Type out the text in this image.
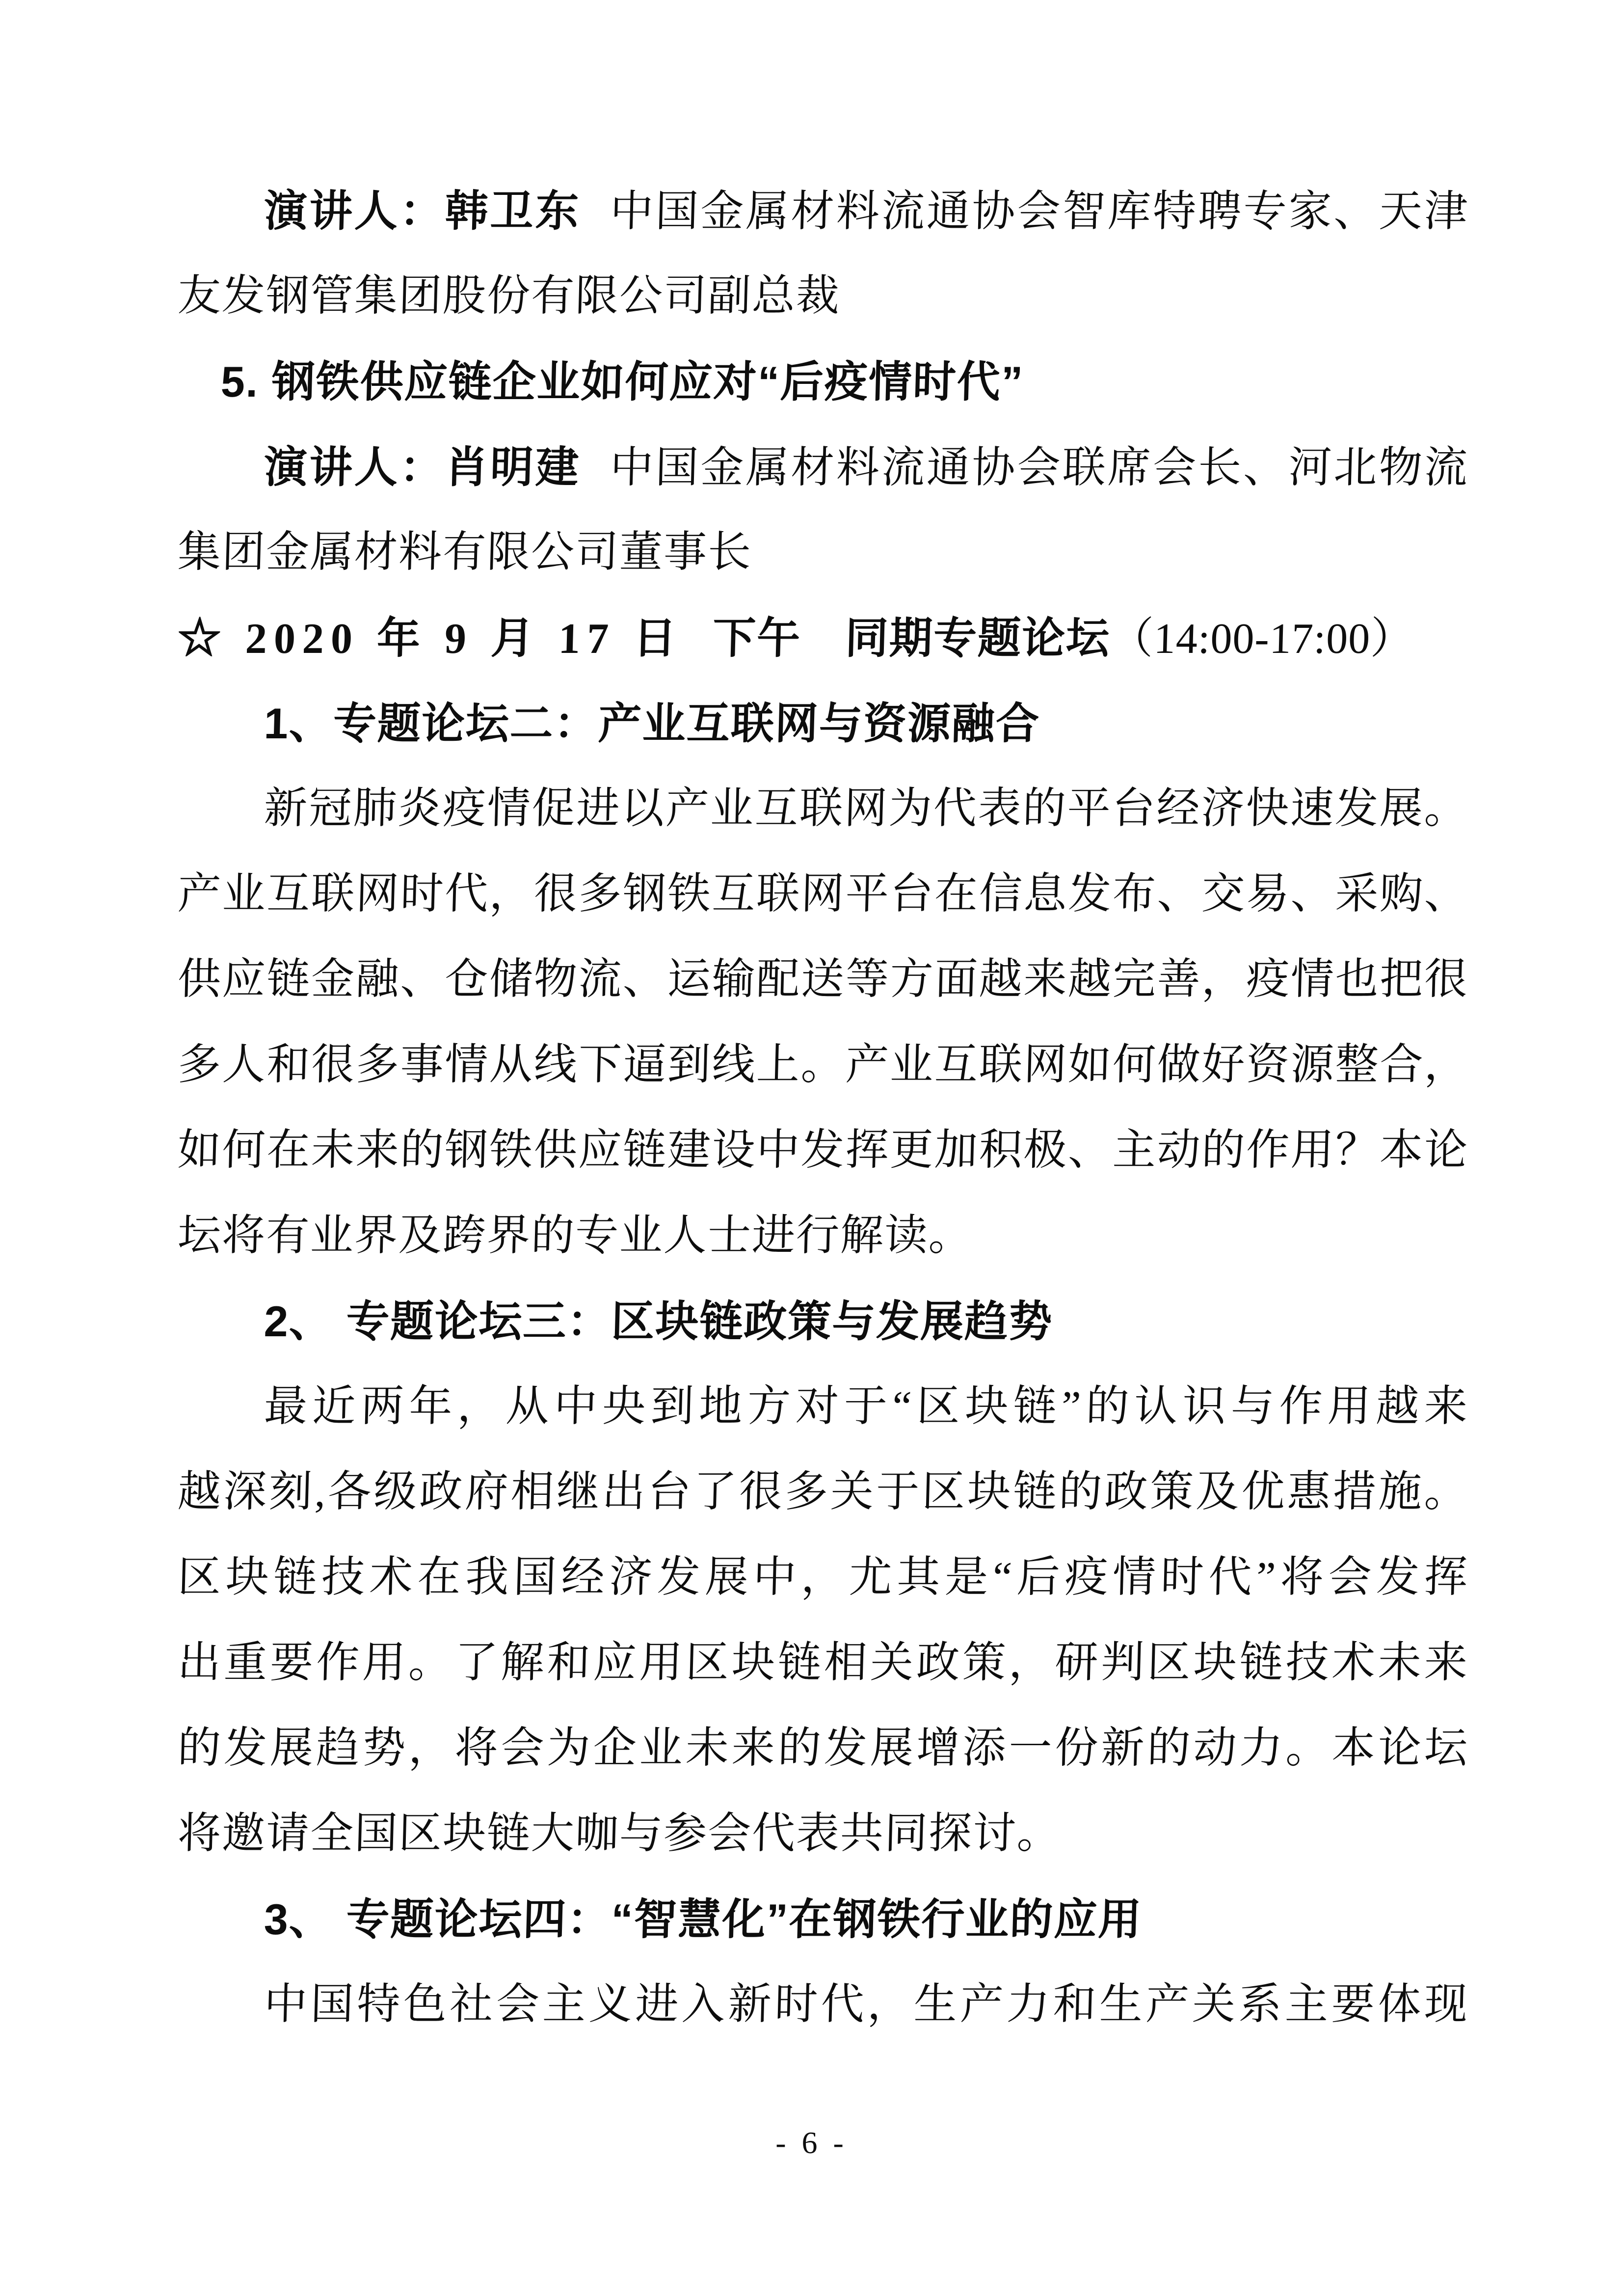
演讲人：韩卫东 中国金属材料流通协会智库特聘专家、天津
友发钢管集团股份有限公司副总裁
5. 钢铁供应链企业如何应对“后疫情时代”
演讲人：肖明建 中国金属材料流通协会联席会长、河北物流
集团金属材料有限公司董事长
☆ 2020 年 9 月 17 日 下午　同期专题论坛（14:00-17:00）
1、专题论坛二：产业互联网与资源融合
新冠肺炎疫情促进以产业互联网为代表的平台经济快速发展。
产业互联网时代，很多钢铁互联网平台在信息发布、交易、采购、
供应链金融、仓储物流、运输配送等方面越来越完善，疫情也把很
多人和很多事情从线下逼到线上。产业互联网如何做好资源整合，
如何在未来的钢铁供应链建设中发挥更加积极、主动的作用？本论
坛将有业界及跨界的专业人士进行解读。
2、 专题论坛三：区块链政策与发展趋势
最近两年，从中央到地方对于“区块链”的认识与作用越来
越深刻,各级政府相继出台了很多关于区块链的政策及优惠措施。
区块链技术在我国经济发展中，尤其是“后疫情时代”将会发挥
出重要作用。了解和应用区块链相关政策，研判区块链技术未来
的发展趋势，将会为企业未来的发展增添一份新的动力。本论坛
将邀请全国区块链大咖与参会代表共同探讨。
3、 专题论坛四：“智慧化”在钢铁行业的应用
中国特色社会主义进入新时代，生产力和生产关系主要体现
- 6 -
